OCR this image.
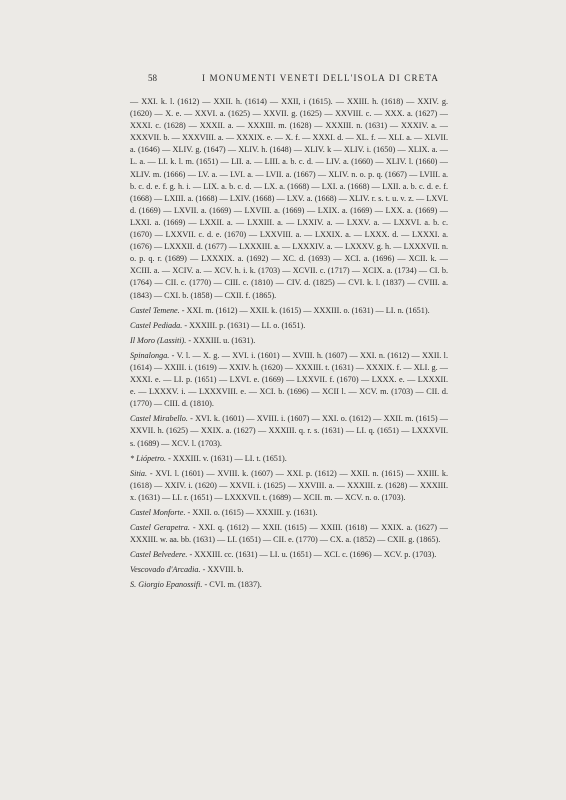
58	I MONUMENTI VENETI DELL'ISOLA DI CRETA

— XXI. k. l. (1612) — XXII. h. (1614) — XXII, i (1615). — XXIII. h. (1618) — XXIV. g. (1620) — X. e. — XXVI. a. (1625) — XXVII. g. (1625) — XXVIII. c. — XXX. a. (1627) — XXXI. c. (1628) — XXXII. a. — XXXIII. m. (1628) — XXXIII. n. (1631) — XXXIV. a. — XXXVII. b. — XXXVIII. a. — XXXIX. e. — X. f. — XXXI. d. — XL. f. — XLI. a. — XLVII. a. (1646) — XLIV. g. (1647) — XLIV. h. (1648) — XLIV. k — XLIV. i. (1650) — XLIX. a. — L. a. — LI. k. l. m. (1651) — LII. a. — LIII. a. b. c. d. — LIV. a. (1660) — XLIV. l. (1660) — XLIV. m. (1666) — LV. a. — LVI. a. — LVII. a. (1667) — XLIV. n. o. p. q. (1667) — LVIII. a. b. c. d. e. f. g. h. i. — LIX. a. b. c. d. — LX. a. (1668) — LXI. a. (1668) — LXII. a. b. c. d. e. f. (1668) — LXIII. a. (1668) — LXIV. (1668) — LXV. a. (1668) — XLIV. r. s. t. u. v. z. — LXVI. d. (1669) — LXVII. a. (1669) — LXVIII. a. (1669) — LXIX. a. (1669) — LXX. a. (1669) — LXXI. a. (1669) — LXXII. a. — LXXIII. a. — LXXIV. a. — LXXV. a. — LXXVI. a. b. c. (1670) — LXXVII. c. d. e. (1670) — LXXVIII. a. — LXXIX. a. — LXXX. d. — LXXXI. a. (1676) — LXXXII. d. (1677) — LXXXIII. a. — LXXXIV. a. — LXXXV. g. h. — LXXXVII. n. o. p. q. r. (1689) — LXXXIX. a. (1692) — XC. d. (1693) — XCI. a. (1696) — XCII. k. — XCIII. a. — XCIV. a. — XCV. h. i. k. (1703) — XCVII. c. (1717) — XCIX. a. (1734) — CI. b. (1764) — CII. c. (1770) — CIII. c. (1810) — CIV. d. (1825) — CVI. k. l. (1837) — CVIII. a. (1843) — CXI. b. (1858) — CXII. f. (1865).

Castel Temene. - XXI. m. (1612) — XXII. k. (1615) — XXXIII. o. (1631) — LI. n. (1651).

Castel Pediada. - XXXIII. p. (1631) — LI. o. (1651).

Il Moro (Lassiti). - XXXIII. u. (1631).

Spinalonga. - V. l. — X. g. — XVI. i. (1601) — XVIII. h. (1607) — XXI. n. (1612) — XXII. l. (1614) — XXIII. i. (1619) — XXIV. h. (1620) — XXXIII. t. (1631) — XXXIX. f. — XLI. g. — XXXI. e. — LI. p. (1651) — LXVI. e. (1669) — LXXVII. f. (1670) — LXXX. e. — LXXXII. e. — LXXXV. i. — LXXXVIII. e. — XCI. b. (1696) — XCII l. — XCV. m. (1703) — CII. d. (1770) — CIII. d. (1810).

Castel Mirabello. - XVI. k. (1601) — XVIII. i. (1607) — XXI. o. (1612) — XXII. m. (1615) — XXVII. h. (1625) — XXIX. a. (1627) — XXXIII. q. r. s. (1631) — LI. q. (1651) — LXXXVII. s. (1689) — XCV. l. (1703).

* Liópetro. - XXXIII. v. (1631) — LI. t. (1651).

Sitia. - XVI. l. (1601) — XVIII. k. (1607) — XXI. p. (1612) — XXII. n. (1615) — XXIII. k. (1618) — XXIV. i. (1620) — XXVII. i. (1625) — XXVIII. a. — XXXIII. z. (1628) — XXXIII. x. (1631) — LI. r. (1651) — LXXXVII. t. (1689) — XCII. m. — XCV. n. o. (1703).

Castel Monforte. - XXII. o. (1615) — XXXIII. y. (1631).

Castel Gerapetra. - XXI. q. (1612) — XXII. (1615) — XXIII. (1618) — XXIX. a. (1627) — XXXIII. w. aa. bb. (1631) — LI. (1651) — CII. e. (1770) — CX. a. (1852) — CXII. g. (1865).

Castel Belvedere. - XXXIII. cc. (1631) — LI. u. (1651) — XCI. c. (1696) — XCV. p. (1703).

Vescovado d'Arcadia. - XXVIII. b.

S. Giorgio Epanossifi. - CVI. m. (1837).
